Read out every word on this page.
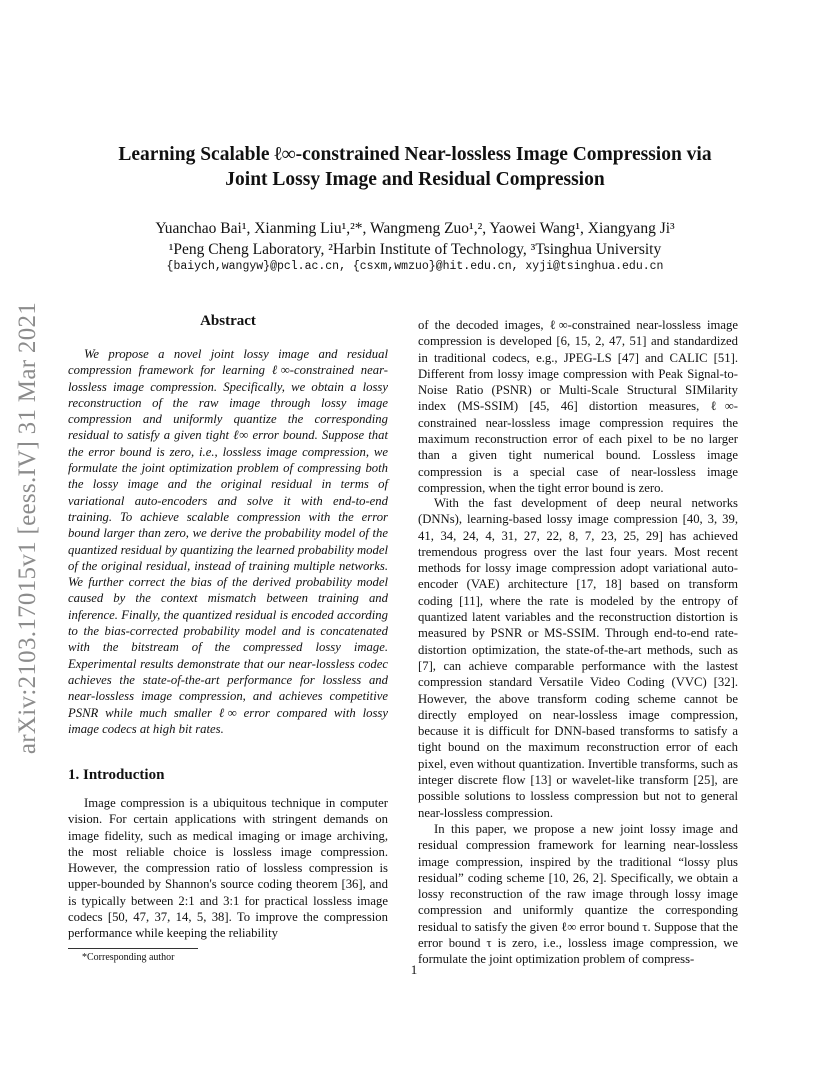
arXiv:2103.17015v1 [eess.IV] 31 Mar 2021
Learning Scalable ℓ∞-constrained Near-lossless Image Compression via
Joint Lossy Image and Residual Compression
Yuanchao Bai¹, Xianming Liu¹,²*, Wangmeng Zuo¹,², Yaowei Wang¹, Xiangyang Ji³
¹Peng Cheng Laboratory, ²Harbin Institute of Technology, ³Tsinghua University
{baiych,wangyw}@pcl.ac.cn, {csxm,wmzuo}@hit.edu.cn, xyji@tsinghua.edu.cn
Abstract
We propose a novel joint lossy image and residual compression framework for learning ℓ∞-constrained near-lossless image compression. Specifically, we obtain a lossy reconstruction of the raw image through lossy image compression and uniformly quantize the corresponding residual to satisfy a given tight ℓ∞ error bound. Suppose that the error bound is zero, i.e., lossless image compression, we formulate the joint optimization problem of compressing both the lossy image and the original residual in terms of variational auto-encoders and solve it with end-to-end training. To achieve scalable compression with the error bound larger than zero, we derive the probability model of the quantized residual by quantizing the learned probability model of the original residual, instead of training multiple networks. We further correct the bias of the derived probability model caused by the context mismatch between training and inference. Finally, the quantized residual is encoded according to the bias-corrected probability model and is concatenated with the bitstream of the compressed lossy image. Experimental results demonstrate that our near-lossless codec achieves the state-of-the-art performance for lossless and near-lossless image compression, and achieves competitive PSNR while much smaller ℓ∞ error compared with lossy image codecs at high bit rates.
1. Introduction
Image compression is a ubiquitous technique in computer vision. For certain applications with stringent demands on image fidelity, such as medical imaging or image archiving, the most reliable choice is lossless image compression. However, the compression ratio of lossless compression is upper-bounded by Shannon's source coding theorem [36], and is typically between 2:1 and 3:1 for practical lossless image codecs [50, 47, 37, 14, 5, 38]. To improve the compression performance while keeping the reliability
*Corresponding author
of the decoded images, ℓ∞-constrained near-lossless image compression is developed [6, 15, 2, 47, 51] and standardized in traditional codecs, e.g., JPEG-LS [47] and CALIC [51]. Different from lossy image compression with Peak Signal-to-Noise Ratio (PSNR) or Multi-Scale Structural SIMilarity index (MS-SSIM) [45, 46] distortion measures, ℓ∞-constrained near-lossless image compression requires the maximum reconstruction error of each pixel to be no larger than a given tight numerical bound. Lossless image compression is a special case of near-lossless image compression, when the tight error bound is zero.
With the fast development of deep neural networks (DNNs), learning-based lossy image compression [40, 3, 39, 41, 34, 24, 4, 31, 27, 22, 8, 7, 23, 25, 29] has achieved tremendous progress over the last four years. Most recent methods for lossy image compression adopt variational auto-encoder (VAE) architecture [17, 18] based on transform coding [11], where the rate is modeled by the entropy of quantized latent variables and the reconstruction distortion is measured by PSNR or MS-SSIM. Through end-to-end rate-distortion optimization, the state-of-the-art methods, such as [7], can achieve comparable performance with the lastest compression standard Versatile Video Coding (VVC) [32]. However, the above transform coding scheme cannot be directly employed on near-lossless image compression, because it is difficult for DNN-based transforms to satisfy a tight bound on the maximum reconstruction error of each pixel, even without quantization. Invertible transforms, such as integer discrete flow [13] or wavelet-like transform [25], are possible solutions to lossless compression but not to general near-lossless compression.
In this paper, we propose a new joint lossy image and residual compression framework for learning near-lossless image compression, inspired by the traditional “lossy plus residual” coding scheme [10, 26, 2]. Specifically, we obtain a lossy reconstruction of the raw image through lossy image compression and uniformly quantize the corresponding residual to satisfy the given ℓ∞ error bound τ. Suppose that the error bound τ is zero, i.e., lossless image compression, we formulate the joint optimization problem of compress-
1
